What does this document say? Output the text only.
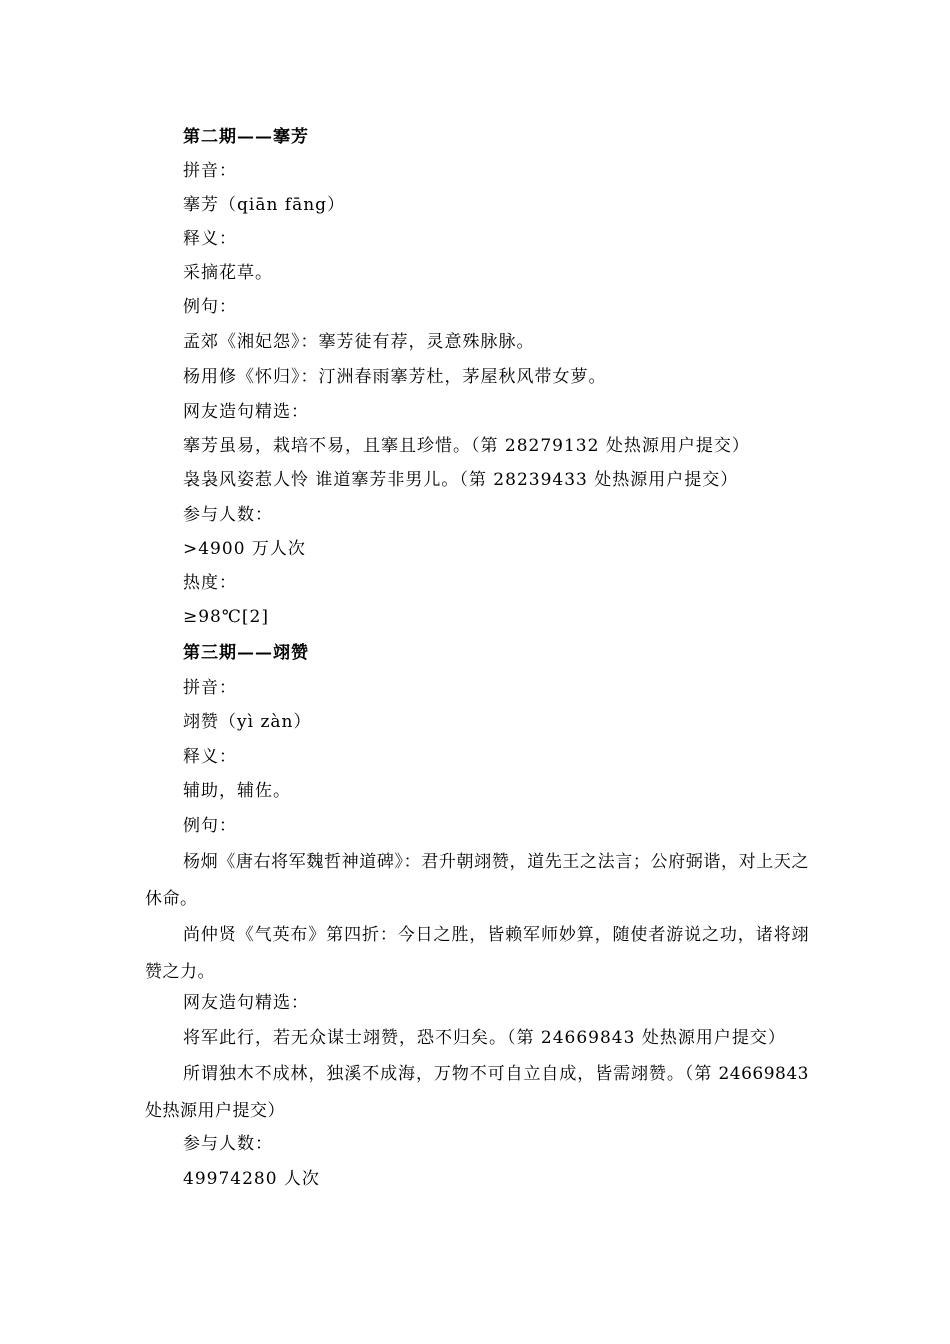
第二期——搴芳
拼音：
搴芳（qiān fāng）
释义：
采摘花草。
例句：
孟郊《湘妃怨》：搴芳徒有荐，灵意殊脉脉。
杨用修《怀归》：汀洲春雨搴芳杜，茅屋秋风带女萝。
网友造句精选：
搴芳虽易，栽培不易，且搴且珍惜。（第 28279132 处热源用户提交）
袅袅风姿惹人怜 谁道搴芳非男儿。（第 28239433 处热源用户提交）
参与人数：
>4900 万人次
热度：
≥98℃[2]
第三期——翊赞
拼音：
翊赞（yì zàn）
释义：
辅助，辅佐。
例句：
杨炯《唐右将军魏哲神道碑》：君升朝翊赞，道先王之法言；公府弼谐，对上天之休命。
尚仲贤《气英布》第四折：今日之胜，皆赖军师妙算，随使者游说之功，诸将翊赞之力。
网友造句精选：
将军此行，若无众谋士翊赞，恐不归矣。（第 24669843 处热源用户提交）
所谓独木不成林，独溪不成海，万物不可自立自成，皆需翊赞。（第 24669843 处热源用户提交）
参与人数：
49974280 人次
